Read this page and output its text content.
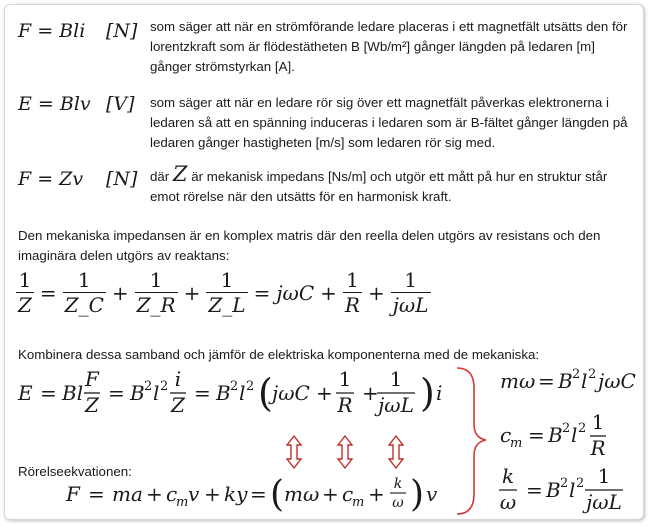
F = Bli [N] som säger att när en strömförande ledare placeras i ett magnetfält utsätts den för lorentzkraft som är flödestätheten B [Wb/m²] gånger längden på ledaren [m] gånger strömstyrkan [A].
E = Blv [V] som säger att när en ledare rör sig över ett magnetfält påverkas elektronerna i ledaren så att en spänning induceras i ledaren som är B-fältet gånger längden på ledaren gånger hastigheten [m/s] som ledaren rör sig med.
F = Zv [N] där Z är mekanisk impedans [Ns/m] och utgör ett mått på hur en struktur står emot rörelse när den utsätts för en harmonisk kraft.
Den mekaniska impedansen är en komplex matris där den reella delen utgörs av resistans och den imaginära delen utgörs av reaktans:
$\frac{1}{Z} = \frac{1}{Z\_C} + \frac{1}{Z\_R} + \frac{1}{Z\_L} = j\omega C + \frac{1}{R} + \frac{1}{\text{jωL}}$
Kombinera dessa samband och jämför de elektriska komponenterna med de mekaniska:
E = Bl
F
Z = B 2 l 2 i
Z = B 2 l 2 ( jωC +
1
R +
1
jωL ) i
F = ma + c
m v + ky = ( mω + c
m + k
ω ) v
mω = B 2 l 2 jωC
c
m = B 2 l 2 1
R
k
ω = B 2 l 2 1
jωL
Rörelseekvationen:
